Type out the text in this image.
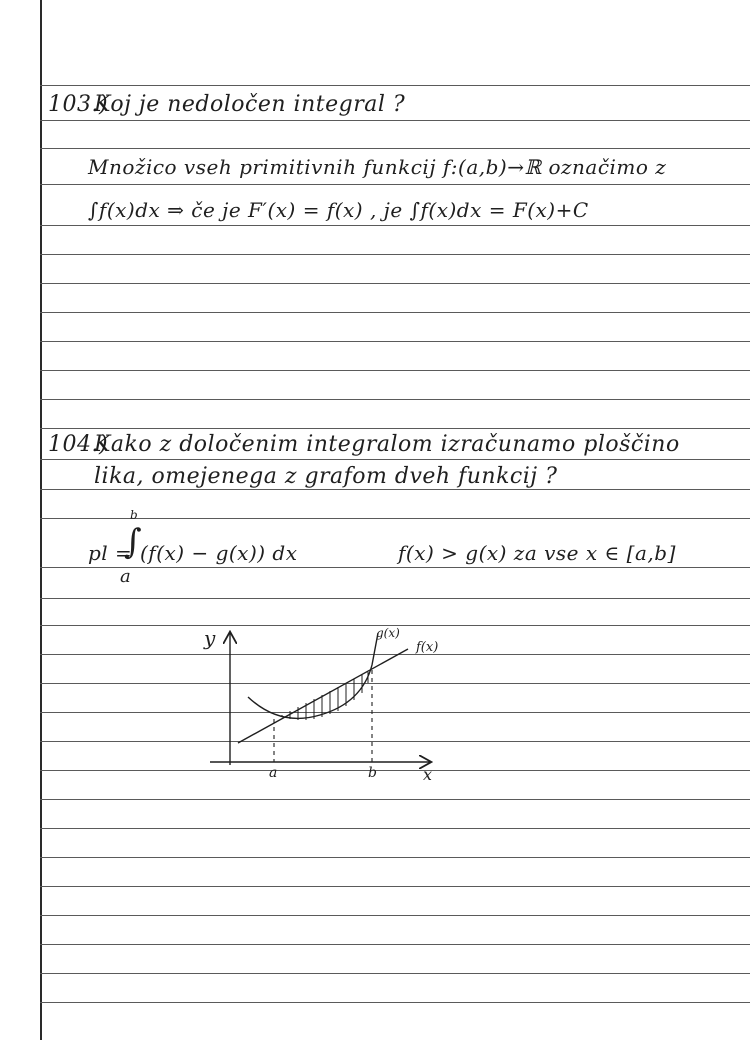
103.)
Koj je nedoločen integral ?
Množico vseh primitivnih funkcij f:(a,b)→ℝ označimo z
∫f(x)dx ⇒ če je F′(x) = f(x) , je ∫f(x)dx = F(x)+C
104.)
Kako z določenim integralom izračunamo ploščino
lika, omejenega z grafom dveh funkcij ?
pl =
∫
b
a
(f(x) − g(x)) dx	f(x) > g(x) za vse x ∈ [a,b]
y
x
a	b
g(x)
f(x)
